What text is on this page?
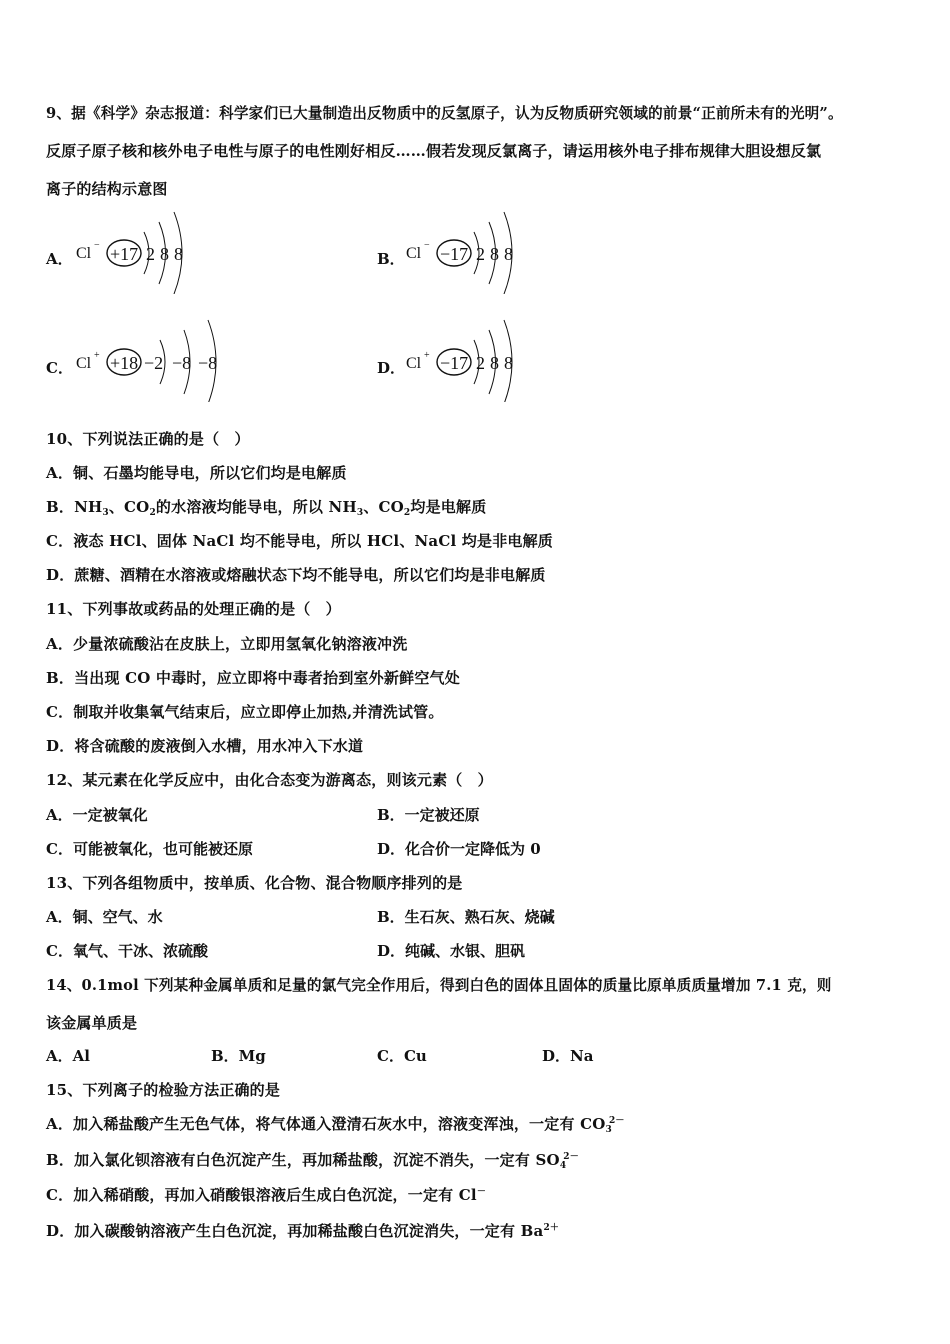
9、据《科学》杂志报道：科学家们已大量制造出反物质中的反氢原子，认为反物质研究领域的前景“正前所未有的光明”。
反原子原子核和核外电子电性与原子的电性刚好相反……假若发现反氯离子，请运用核外电子排布规律大胆设想反氯
离子的结构示意图
A． Cl − +17 2 8 8	B． Cl − −17 2 8 8
C． Cl + +18 −2 −8 −8	D． Cl + −17 2 8 8
10、下列说法正确的是（　）
A．铜、石墨均能导电，所以它们均是电解质
B．$NH_3$、$CO_2$的水溶液均能导电，所以 $NH_3$、$CO_2$均是电解质
C．液态 HCl、固体 NaCl 均不能导电，所以 HCl、NaCl 均是非电解质
D．蔗糖、酒精在水溶液或熔融状态下均不能导电，所以它们均是非电解质
11、下列事故或药品的处理正确的是（　）
A．少量浓硫酸沾在皮肤上，立即用氢氧化钠溶液冲洗
B．当出现 CO 中毒时，应立即将中毒者抬到室外新鲜空气处
C．制取并收集氧气结束后，应立即停止加热,并清洗试管。
D．将含硫酸的废液倒入水槽，用水冲入下水道
12、某元素在化学反应中，由化合态变为游离态，则该元素（　）
A．一定被氧化	B．一定被还原
C．可能被氧化，也可能被还原	D．化合价一定降低为 0
13、下列各组物质中，按单质、化合物、混合物顺序排列的是
A．铜、空气、水	B．生石灰、熟石灰、烧碱
C．氧气、干冰、浓硫酸	D．纯碱、水银、胆矾
14、0.1mol 下列某种金属单质和足量的氯气完全作用后，得到白色的固体且固体的质量比原单质质量增加 7.1 克，则
该金属单质是
A．Al	B．Mg	C．Cu	D．Na
15、下列离子的检验方法正确的是
A．加入稀盐酸产生无色气体，将气体通入澄清石灰水中，溶液变浑浊，一定有 $CO_3^{2-}$
B．加入氯化钡溶液有白色沉淀产生，再加稀盐酸，沉淀不消失，一定有 $SO_4^{2-}$
C．加入稀硝酸，再加入硝酸银溶液后生成白色沉淀，一定有 Cl－
D．加入碳酸钠溶液产生白色沉淀，再加稀盐酸白色沉淀消失，一定有 $Ba^{2+}$
